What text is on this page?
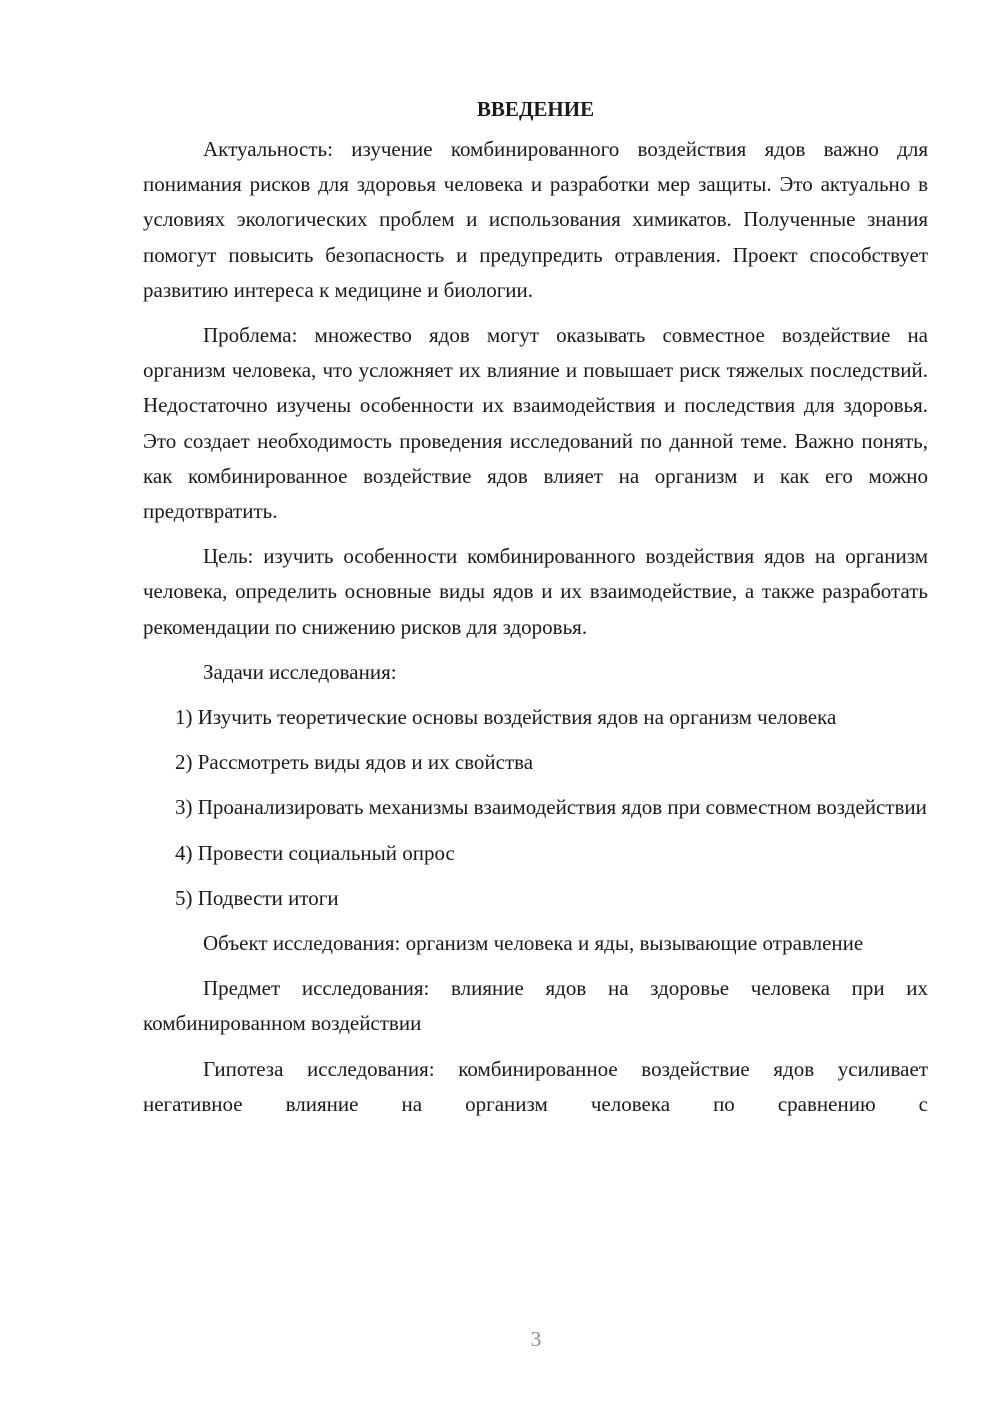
ВВЕДЕНИЕ

Актуальность: изучение комбинированного воздействия ядов важно для понимания рисков для здоровья человека и разработки мер защиты. Это актуально в условиях экологических проблем и использования химикатов. Полученные знания помогут повысить безопасность и предупредить отравления. Проект способствует развитию интереса к медицине и биологии.

Проблема: множество ядов могут оказывать совместное воздействие на организм человека, что усложняет их влияние и повышает риск тяжелых последствий. Недостаточно изучены особенности их взаимодействия и последствия для здоровья. Это создает необходимость проведения исследований по данной теме. Важно понять, как комбинированное воздействие ядов влияет на организм и как его можно предотвратить.

Цель: изучить особенности комбинированного воздействия ядов на организм человека, определить основные виды ядов и их взаимодействие, а также разработать рекомендации по снижению рисков для здоровья.

Задачи исследования:

1) Изучить теоретические основы воздействия ядов на организм человека

2) Рассмотреть виды ядов и их свойства

3) Проанализировать механизмы взаимодействия ядов при совместном воздействии

4) Провести социальный опрос

5) Подвести итоги

Объект исследования: организм человека и яды, вызывающие отравление

Предмет исследования: влияние ядов на здоровье человека при их комбинированном воздействии

Гипотеза исследования: комбинированное воздействие ядов усиливает негативное влияние на организм человека по сравнению с

3
